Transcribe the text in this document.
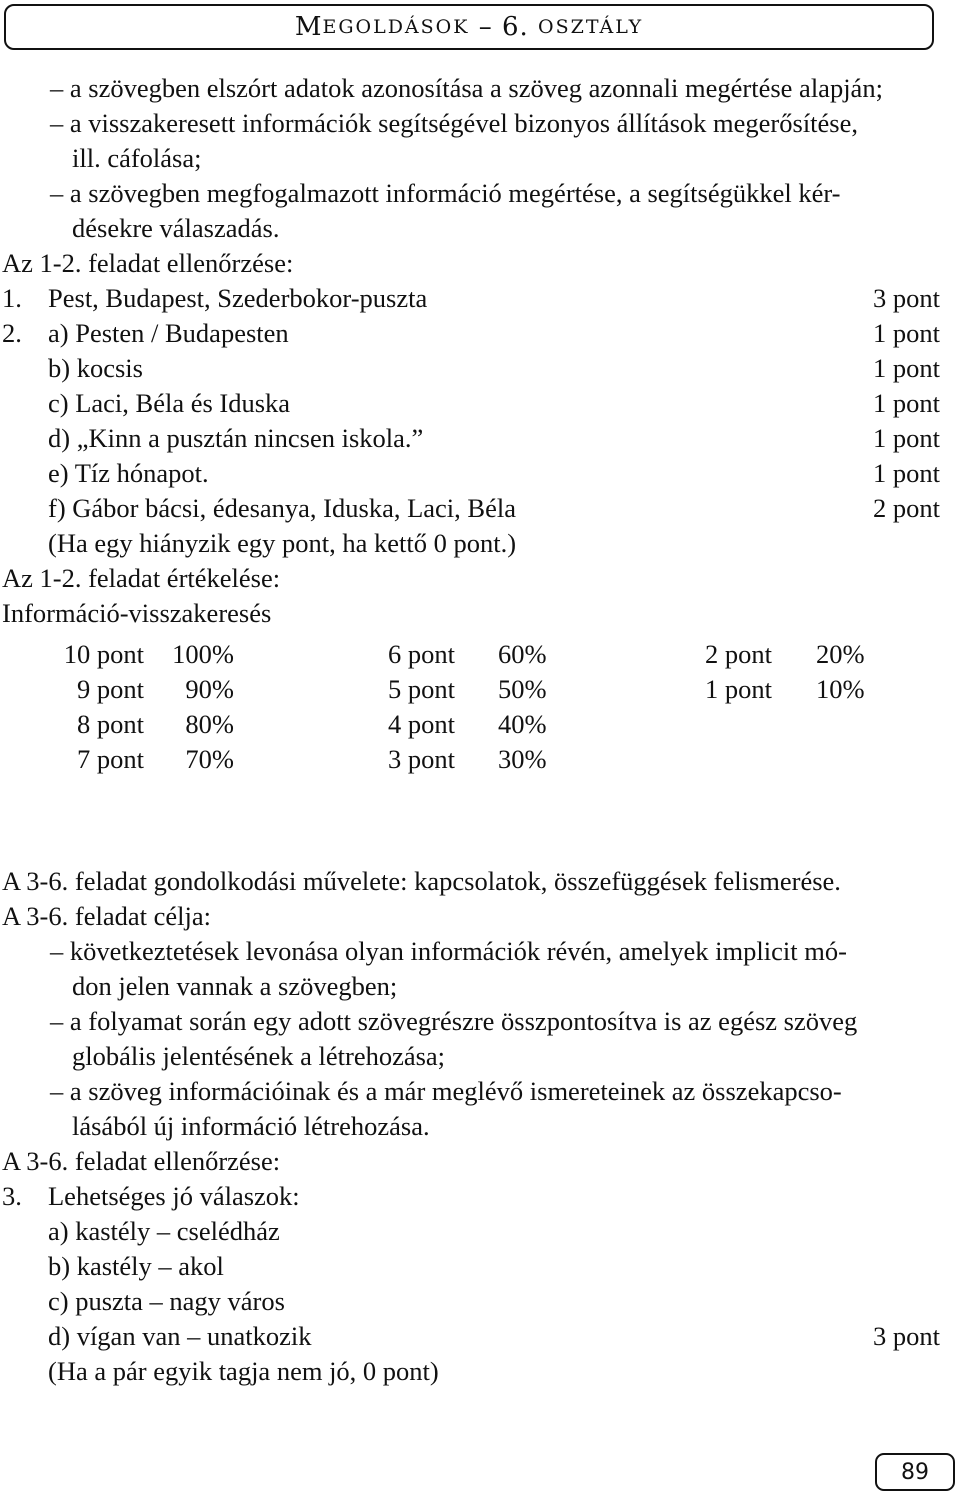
M EGOLDÁSOK – 6. OSZTÁLY
– a szövegben elszórt adatok azonosítása a szöveg azonnali megértése alapján;
– a visszakeresett információk segítségével bizonyos állítások megerősítése,
ill. cáfolása;
– a szövegben megfogalmazott információ megértése, a segítségükkel kér-
désekre válaszadás.
Az 1-2. feladat ellenőrzése:
1. Pest, Budapest, Szederbokor-puszta	3 pont
2. a) Pesten / Budapesten	1 pont
b) kocsis	1 pont
c) Laci, Béla és Iduska	1 pont
d) „Kinn a pusztán nincsen iskola.”	1 pont
e) Tíz hónapot.	1 pont
f) Gábor bácsi, édesanya, Iduska, Laci, Béla	2 pont
(Ha egy hiányzik egy pont, ha kettő 0 pont.)
Az 1-2. feladat értékelése:
Információ-visszakeresés
10 pont	100%	6 pont 60%	2 pont 20%
9 pont	90%	5 pont 50%	1 pont 10%
8 pont	80%	4 pont 40%
7 pont	70%	3 pont 30%
A 3-6. feladat gondolkodási művelete: kapcsolatok, összefüggések felismerése.
A 3-6. feladat célja:
– következtetések levonása olyan információk révén, amelyek implicit mó-
don jelen vannak a szövegben;
– a folyamat során egy adott szövegrészre összpontosítva is az egész szöveg
globális jelentésének a létrehozása;
– a szöveg információinak és a már meglévő ismereteinek az összekapcso-
lásából új információ létrehozása.
A 3-6. feladat ellenőrzése:
3. Lehetséges jó válaszok:
a) kastély – cselédház
b) kastély – akol
c) puszta – nagy város
d) vígan van – unatkozik	3 pont
(Ha a pár egyik tagja nem jó, 0 pont)
89
